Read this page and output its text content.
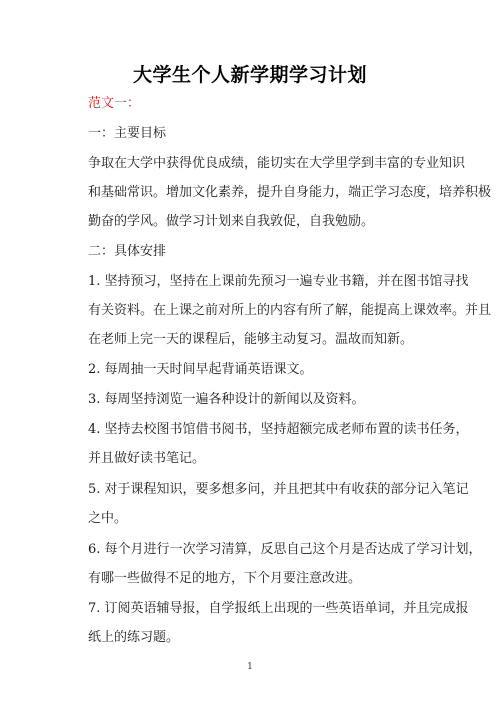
大学生个人新学期学习计划
范文一：
一：主要目标
争取在大学中获得优良成绩，能切实在大学里学到丰富的专业知识
和基础常识。增加文化素养，提升自身能力，端正学习态度，培养积极
勤奋的学风。做学习计划来自我敦促，自我勉励。
二：具体安排
1. 坚持预习，坚持在上课前先预习一遍专业书籍，并在图书馆寻找
有关资料。在上课之前对所上的内容有所了解，能提高上课效率。并且
在老师上完一天的课程后，能够主动复习。温故而知新。
2. 每周抽一天时间早起背诵英语课文。
3. 每周坚持浏览一遍各种设计的新闻以及资料。
4. 坚持去校图书馆借书阅书，坚持超额完成老师布置的读书任务，
并且做好读书笔记。
5. 对于课程知识，要多想多问，并且把其中有收获的部分记入笔记
之中。
6. 每个月进行一次学习清算，反思自己这个月是否达成了学习计划，
有哪一些做得不足的地方，下个月要注意改进。
7. 订阅英语辅导报，自学报纸上出现的一些英语单词，并且完成报
纸上的练习题。
1
